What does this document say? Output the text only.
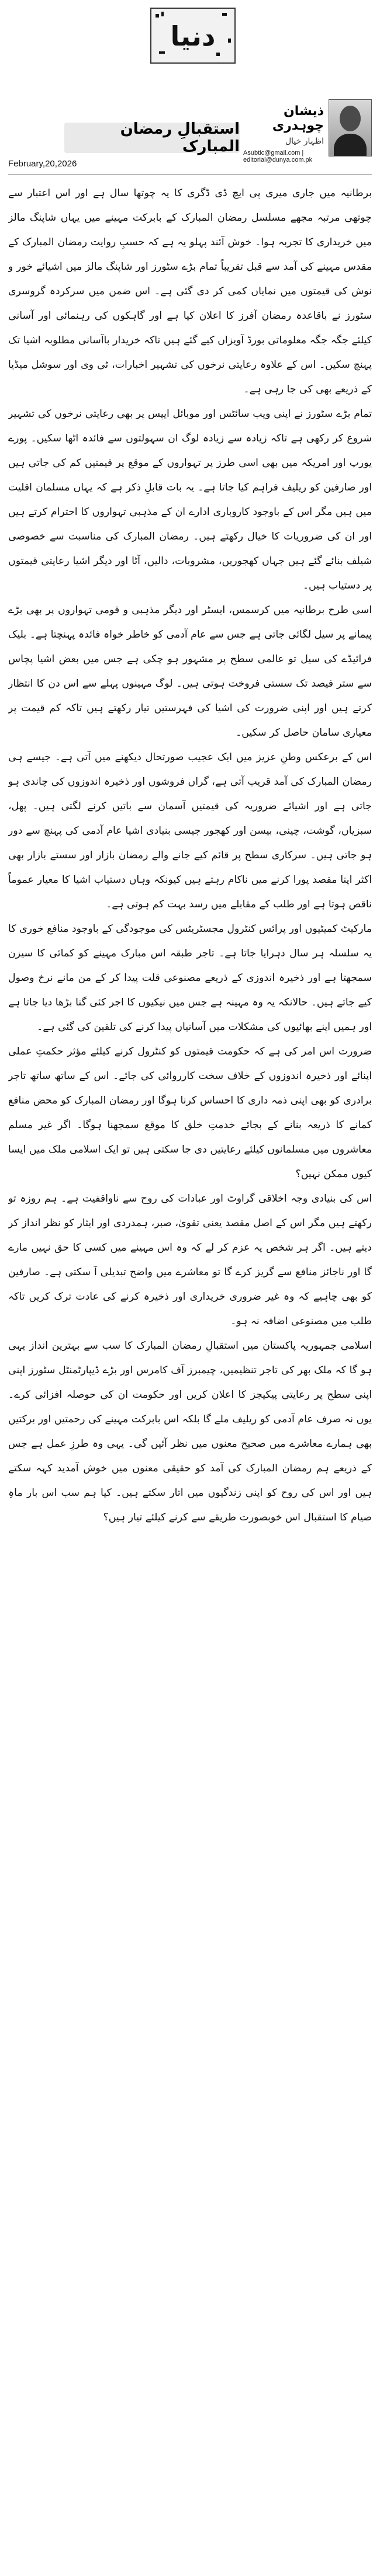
دنیا
استقبالِ رمضان المبارک
ذیشان چوہدری
اظہار خیال
Asubtic@gmail.com | editorial@dunya.com.pk
February,20,2026

برطانیہ میں جاری میری پی ایچ ڈی ڈگری کا یہ چوتھا سال ہے اور اس اعتبار سے چوتھی مرتبہ مجھے مسلسل رمضان المبارک کے بابرکت مہینے میں یہاں شاپنگ مالز میں خریداری کا تجربہ ہوا۔ خوش آئند پہلو یہ ہے کہ حسبِ روایت رمضان المبارک کے مقدس مہینے کی آمد سے قبل تقریباً تمام بڑے سٹورز اور شاپنگ مالز میں اشیائے خور و نوش کی قیمتوں میں نمایاں کمی کر دی گئی ہے۔ اس ضمن میں سرکردہ گروسری سٹورز نے باقاعدہ رمضان آفرز کا اعلان کیا ہے اور گاہکوں کی رہنمائی اور آسانی کیلئے جگہ جگہ معلوماتی بورڈ آویزاں کیے گئے ہیں تاکہ خریدار باآسانی مطلوبہ اشیا تک پہنچ سکیں۔ اس کے علاوہ رعایتی نرخوں کی تشہیر اخبارات، ٹی وی اور سوشل میڈیا کے ذریعے بھی کی جا رہی ہے۔

تمام بڑے سٹورز نے اپنی ویب سائٹس اور موبائل ایپس پر بھی رعایتی نرخوں کی تشہیر شروع کر رکھی ہے تاکہ زیادہ سے زیادہ لوگ ان سہولتوں سے فائدہ اٹھا سکیں۔ پورے یورپ اور امریکہ میں بھی اسی طرز پر تہواروں کے موقع پر قیمتیں کم کی جاتی ہیں اور صارفین کو ریلیف فراہم کیا جاتا ہے۔ یہ بات قابلِ ذکر ہے کہ یہاں مسلمان اقلیت میں ہیں مگر اس کے باوجود کاروباری ادارے ان کے مذہبی تہواروں کا احترام کرتے ہیں اور ان کی ضروریات کا خیال رکھتے ہیں۔ رمضان المبارک کی مناسبت سے خصوصی شیلف بنائے گئے ہیں جہاں کھجوریں، مشروبات، دالیں، آٹا اور دیگر اشیا رعایتی قیمتوں پر دستیاب ہیں۔

اسی طرح برطانیہ میں کرسمس، ایسٹر اور دیگر مذہبی و قومی تہواروں پر بھی بڑے پیمانے پر سیل لگائی جاتی ہے جس سے عام آدمی کو خاطر خواہ فائدہ پہنچتا ہے۔ بلیک فرائیڈے کی سیل تو عالمی سطح پر مشہور ہو چکی ہے جس میں بعض اشیا پچاس سے ستر فیصد تک سستی فروخت ہوتی ہیں۔ لوگ مہینوں پہلے سے اس دن کا انتظار کرتے ہیں اور اپنی ضرورت کی اشیا کی فہرستیں تیار رکھتے ہیں تاکہ کم قیمت پر معیاری سامان حاصل کر سکیں۔

اس کے برعکس وطنِ عزیز میں ایک عجیب صورتحال دیکھنے میں آتی ہے۔ جیسے ہی رمضان المبارک کی آمد قریب آتی ہے، گراں فروشوں اور ذخیرہ اندوزوں کی چاندی ہو جاتی ہے اور اشیائے ضروریہ کی قیمتیں آسمان سے باتیں کرنے لگتی ہیں۔ پھل، سبزیاں، گوشت، چینی، بیسن اور کھجور جیسی بنیادی اشیا عام آدمی کی پہنچ سے دور ہو جاتی ہیں۔ سرکاری سطح پر قائم کیے جانے والے رمضان بازار اور سستے بازار بھی اکثر اپنا مقصد پورا کرنے میں ناکام رہتے ہیں کیونکہ وہاں دستیاب اشیا کا معیار عموماً ناقص ہوتا ہے اور طلب کے مقابلے میں رسد بہت کم ہوتی ہے۔

مارکیٹ کمیٹیوں اور پرائس کنٹرول مجسٹریٹس کی موجودگی کے باوجود منافع خوری کا یہ سلسلہ ہر سال دہرایا جاتا ہے۔ تاجر طبقہ اس مبارک مہینے کو کمائی کا سیزن سمجھتا ہے اور ذخیرہ اندوزی کے ذریعے مصنوعی قلت پیدا کر کے من مانے نرخ وصول کیے جاتے ہیں۔ حالانکہ یہ وہ مہینہ ہے جس میں نیکیوں کا اجر کئی گنا بڑھا دیا جاتا ہے اور ہمیں اپنے بھائیوں کی مشکلات میں آسانیاں پیدا کرنے کی تلقین کی گئی ہے۔

ضرورت اس امر کی ہے کہ حکومت قیمتوں کو کنٹرول کرنے کیلئے مؤثر حکمتِ عملی اپنائے اور ذخیرہ اندوزوں کے خلاف سخت کارروائی کی جائے۔ اس کے ساتھ ساتھ تاجر برادری کو بھی اپنی ذمہ داری کا احساس کرنا ہوگا اور رمضان المبارک کو محض منافع کمانے کا ذریعہ بنانے کے بجائے خدمتِ خلق کا موقع سمجھنا ہوگا۔ اگر غیر مسلم معاشروں میں مسلمانوں کیلئے رعایتیں دی جا سکتی ہیں تو ایک اسلامی ملک میں ایسا کیوں ممکن نہیں؟

اس کی بنیادی وجہ اخلاقی گراوٹ اور عبادات کی روح سے ناواقفیت ہے۔ ہم روزہ تو رکھتے ہیں مگر اس کے اصل مقصد یعنی تقویٰ، صبر، ہمدردی اور ایثار کو نظر انداز کر دیتے ہیں۔ اگر ہر شخص یہ عزم کر لے کہ وہ اس مہینے میں کسی کا حق نہیں مارے گا اور ناجائز منافع سے گریز کرے گا تو معاشرے میں واضح تبدیلی آ سکتی ہے۔ صارفین کو بھی چاہیے کہ وہ غیر ضروری خریداری اور ذخیرہ کرنے کی عادت ترک کریں تاکہ طلب میں مصنوعی اضافہ نہ ہو۔

اسلامی جمہوریہ پاکستان میں استقبالِ رمضان المبارک کا سب سے بہترین انداز یہی ہو گا کہ ملک بھر کی تاجر تنظیمیں، چیمبرز آف کامرس اور بڑے ڈیپارٹمنٹل سٹورز اپنی اپنی سطح پر رعایتی پیکیجز کا اعلان کریں اور حکومت ان کی حوصلہ افزائی کرے۔ یوں نہ صرف عام آدمی کو ریلیف ملے گا بلکہ اس بابرکت مہینے کی رحمتیں اور برکتیں بھی ہمارے معاشرے میں صحیح معنوں میں نظر آئیں گی۔ یہی وہ طرزِ عمل ہے جس کے ذریعے ہم رمضان المبارک کی آمد کو حقیقی معنوں میں خوش آمدید کہہ سکتے ہیں اور اس کی روح کو اپنی زندگیوں میں اتار سکتے ہیں۔ کیا ہم سب اس بار ماہِ صیام کا استقبال اس خوبصورت طریقے سے کرنے کیلئے تیار ہیں؟
